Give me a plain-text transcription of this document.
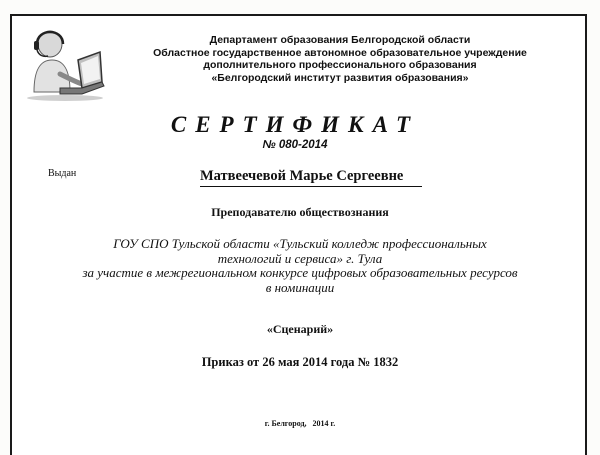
Департамент образования Белгородской области
Областное государственное автономное образовательное учреждение
дополнительного профессионального образования
«Белгородский институт развития образования»
СЕРТИФИКАТ
№ 080-2014
Выдан	Матвеечевой Марье Сергеевне
Преподавателю обществознания
ГОУ СПО Тульской области «Тульский колледж профессиональных
технологий и сервиса» г. Тула
за участие в межрегиональном конкурсе цифровых образовательных ресурсов
в номинации
«Сценарий»
Приказ от 26 мая 2014 года № 1832
г. Белгород,   2014 г.
